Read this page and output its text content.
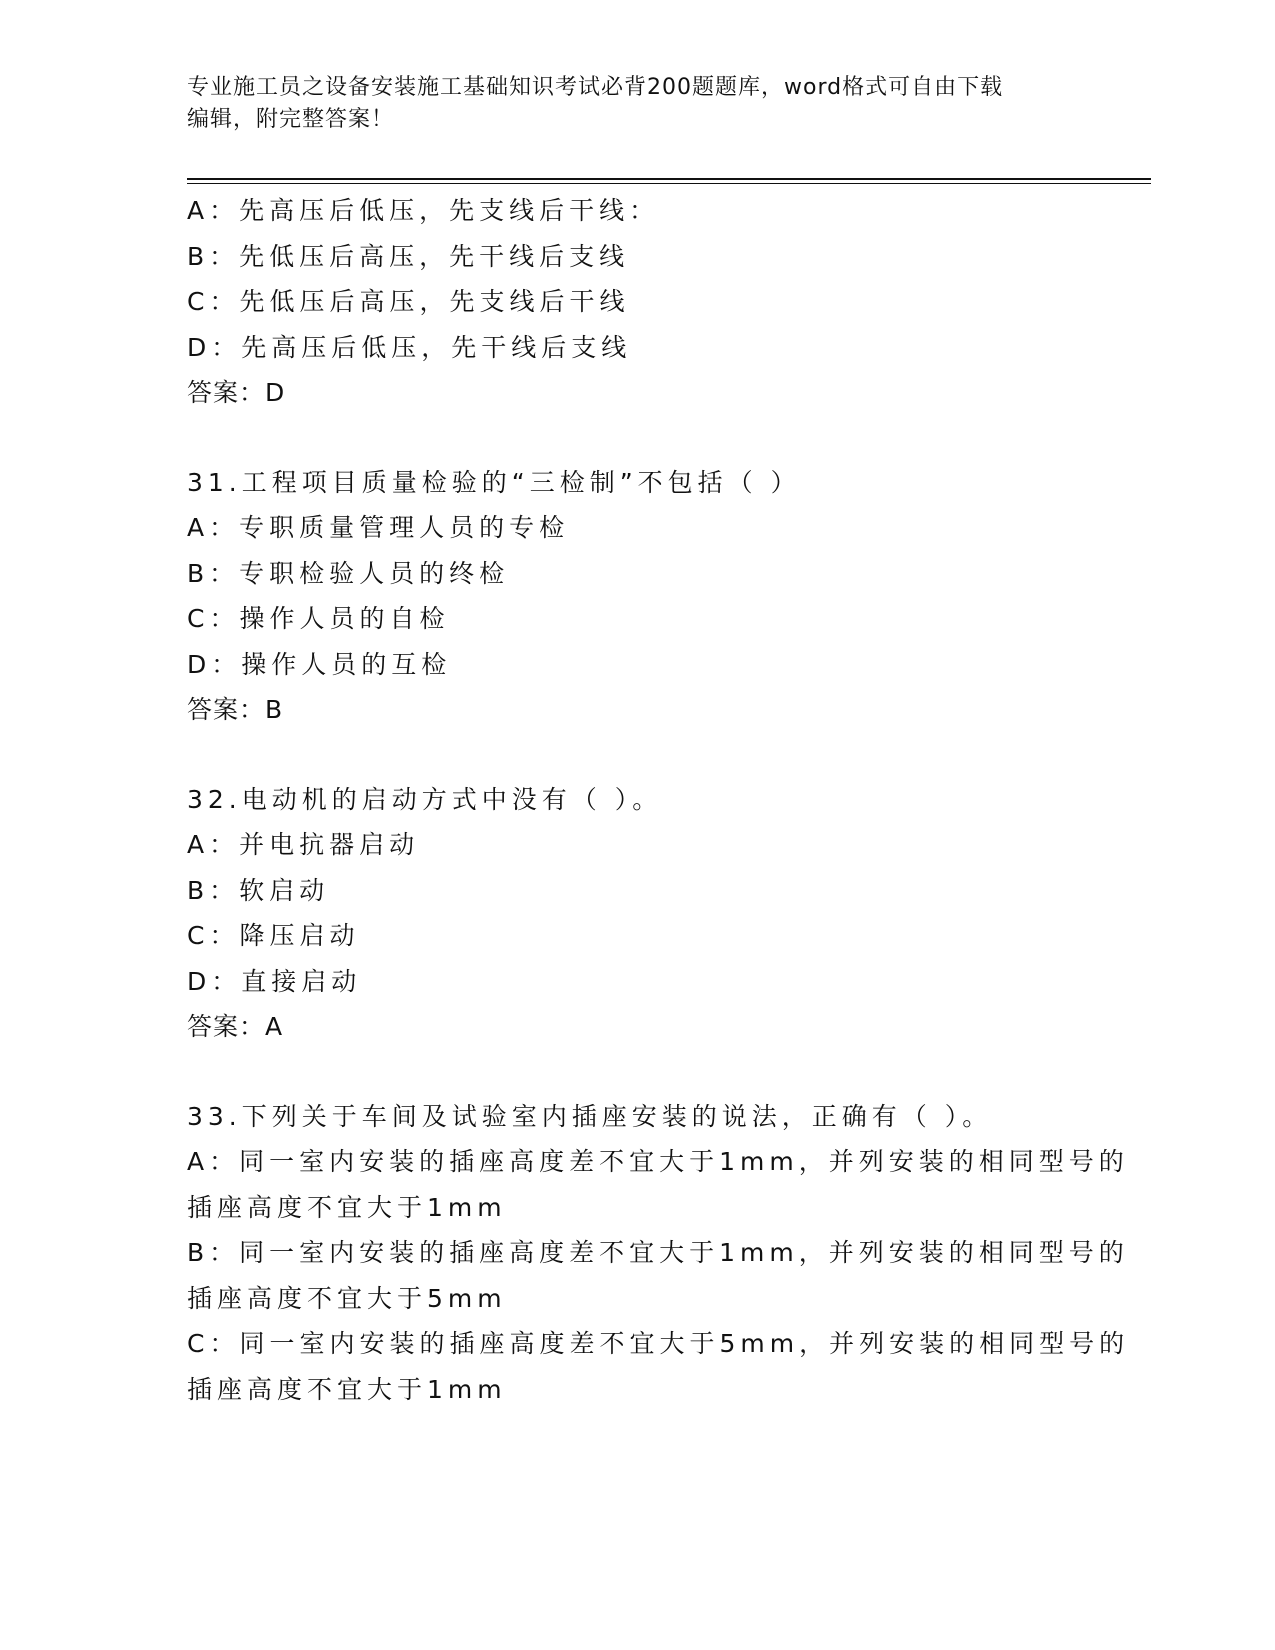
专业施工员之设备安装施工基础知识考试必背200题题库，word格式可自由下载
编辑，附完整答案！
A：先高压后低压，先支线后干线：
B：先低压后高压，先干线后支线
C：先低压后高压，先支线后干线
D：先高压后低压，先干线后支线
答案：D
31.工程项目质量检验的“三检制”不包括（ ）
A：专职质量管理人员的专检
B：专职检验人员的终检
C：操作人员的自检
D：操作人员的互检
答案：B
32.电动机的启动方式中没有（ ）。
A：并电抗器启动
B：软启动
C：降压启动
D：直接启动
答案：A
33.下列关于车间及试验室内插座安装的说法，正确有（ ）。
A：同一室内安装的插座高度差不宜大于1mm，并列安装的相同型号的
插座高度不宜大于1mm
B：同一室内安装的插座高度差不宜大于1mm，并列安装的相同型号的
插座高度不宜大于5mm
C：同一室内安装的插座高度差不宜大于5mm，并列安装的相同型号的
插座高度不宜大于1mm
